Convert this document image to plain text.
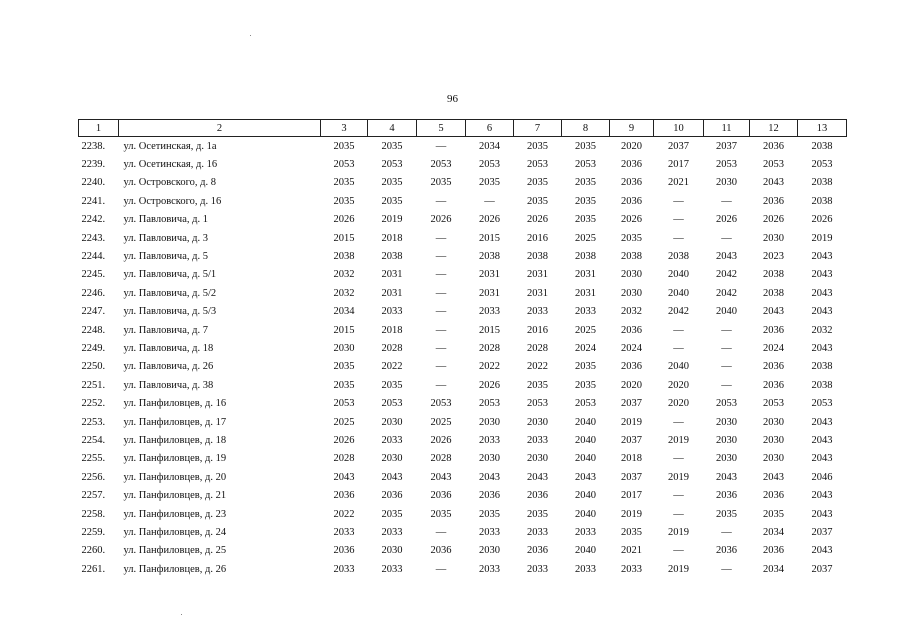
96
1	2	3	4	5	6	7	8	9	10	11	12	13
2238.	ул. Осетинская, д. 1а	2035	2035	—	2034	2035	2035	2020	2037	2037	2036	2038
2239.	ул. Осетинская, д. 16	2053	2053	2053	2053	2053	2053	2036	2017	2053	2053	2053
2240.	ул. Островского, д. 8	2035	2035	2035	2035	2035	2035	2036	2021	2030	2043	2038
2241.	ул. Островского, д. 16	2035	2035	—	—	2035	2035	2036	—	—	2036	2038
2242.	ул. Павловича, д. 1	2026	2019	2026	2026	2026	2035	2026	—	2026	2026	2026
2243.	ул. Павловича, д. 3	2015	2018	—	2015	2016	2025	2035	—	—	2030	2019
2244.	ул. Павловича, д. 5	2038	2038	—	2038	2038	2038	2038	2038	2043	2023	2043
2245.	ул. Павловича, д. 5/1	2032	2031	—	2031	2031	2031	2030	2040	2042	2038	2043
2246.	ул. Павловича, д. 5/2	2032	2031	—	2031	2031	2031	2030	2040	2042	2038	2043
2247.	ул. Павловича, д. 5/3	2034	2033	—	2033	2033	2033	2032	2042	2040	2043	2043
2248.	ул. Павловича, д. 7	2015	2018	—	2015	2016	2025	2036	—	—	2036	2032
2249.	ул. Павловича, д. 18	2030	2028	—	2028	2028	2024	2024	—	—	2024	2043
2250.	ул. Павловича, д. 26	2035	2022	—	2022	2022	2035	2036	2040	—	2036	2038
2251.	ул. Павловича, д. 38	2035	2035	—	2026	2035	2035	2020	2020	—	2036	2038
2252.	ул. Панфиловцев, д. 16	2053	2053	2053	2053	2053	2053	2037	2020	2053	2053	2053
2253.	ул. Панфиловцев, д. 17	2025	2030	2025	2030	2030	2040	2019	—	2030	2030	2043
2254.	ул. Панфиловцев, д. 18	2026	2033	2026	2033	2033	2040	2037	2019	2030	2030	2043
2255.	ул. Панфиловцев, д. 19	2028	2030	2028	2030	2030	2040	2018	—	2030	2030	2043
2256.	ул. Панфиловцев, д. 20	2043	2043	2043	2043	2043	2043	2037	2019	2043	2043	2046
2257.	ул. Панфиловцев, д. 21	2036	2036	2036	2036	2036	2040	2017	—	2036	2036	2043
2258.	ул. Панфиловцев, д. 23	2022	2035	2035	2035	2035	2040	2019	—	2035	2035	2043
2259.	ул. Панфиловцев, д. 24	2033	2033	—	2033	2033	2033	2035	2019	—	2034	2037
2260.	ул. Панфиловцев, д. 25	2036	2030	2036	2030	2036	2040	2021	—	2036	2036	2043
2261.	ул. Панфиловцев, д. 26	2033	2033	—	2033	2033	2033	2033	2019	—	2034	2037
